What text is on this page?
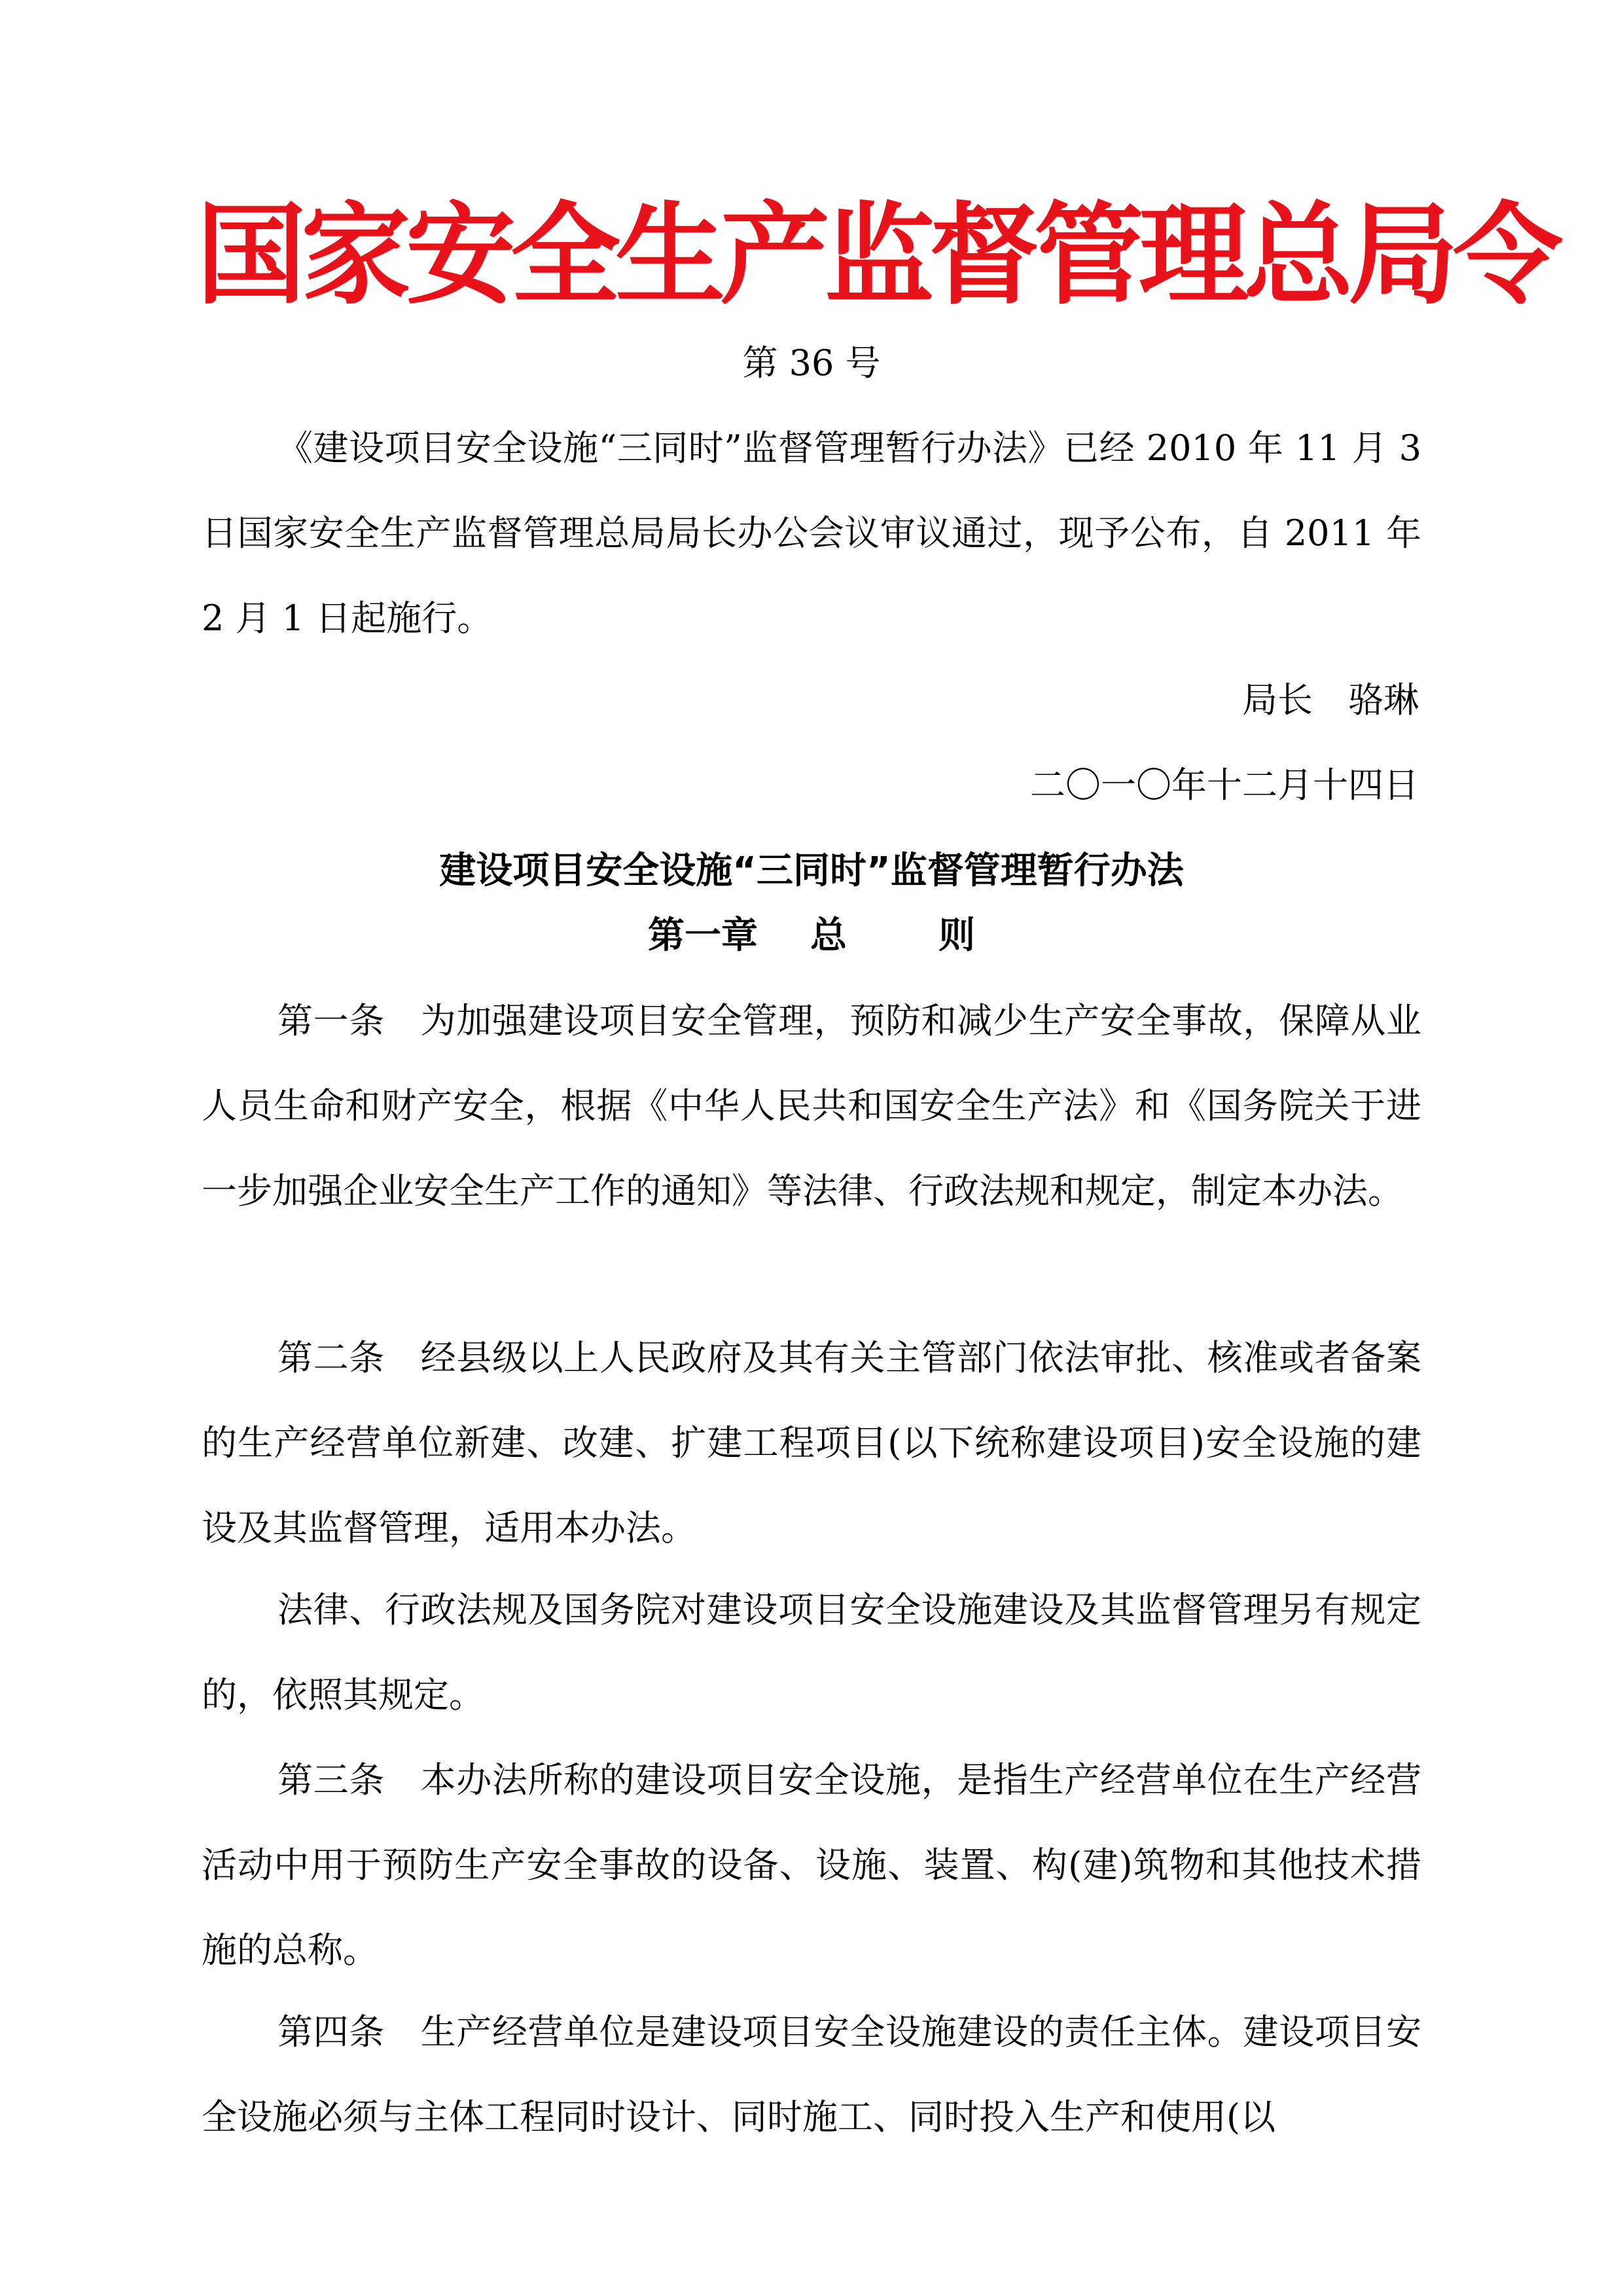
国家安全生产监督管理总局令
第 36 号

《建设项目安全设施“三同时”监督管理暂行办法》已经 2010 年 11 月 3 日国家安全生产监督管理总局局长办公会议审议通过，现予公布，自 2011 年 2 月 1 日起施行。

局长 骆琳
二〇一〇年十二月十四日
建设项目安全设施“三同时”监督管理暂行办法
第一章 总	则

第一条 为加强建设项目安全管理，预防和减少生产安全事故，保障从业人员生命和财产安全，根据《中华人民共和国安全生产法》和《国务院关于进一步加强企业安全生产工作的通知》等法律、行政法规和规定，制定本办法。

第二条 经县级以上人民政府及其有关主管部门依法审批、核准或者备案的生产经营单位新建、改建、扩建工程项目(以下统称建设项目)安全设施的建设及其监督管理，适用本办法。

法律、行政法规及国务院对建设项目安全设施建设及其监督管理另有规定的，依照其规定。

第三条 本办法所称的建设项目安全设施，是指生产经营单位在生产经营活动中用于预防生产安全事故的设备、设施、装置、构(建)筑物和其他技术措施的总称。

第四条 生产经营单位是建设项目安全设施建设的责任主体。建设项目安全设施必须与主体工程同时设计、同时施工、同时投入生产和使用(以
